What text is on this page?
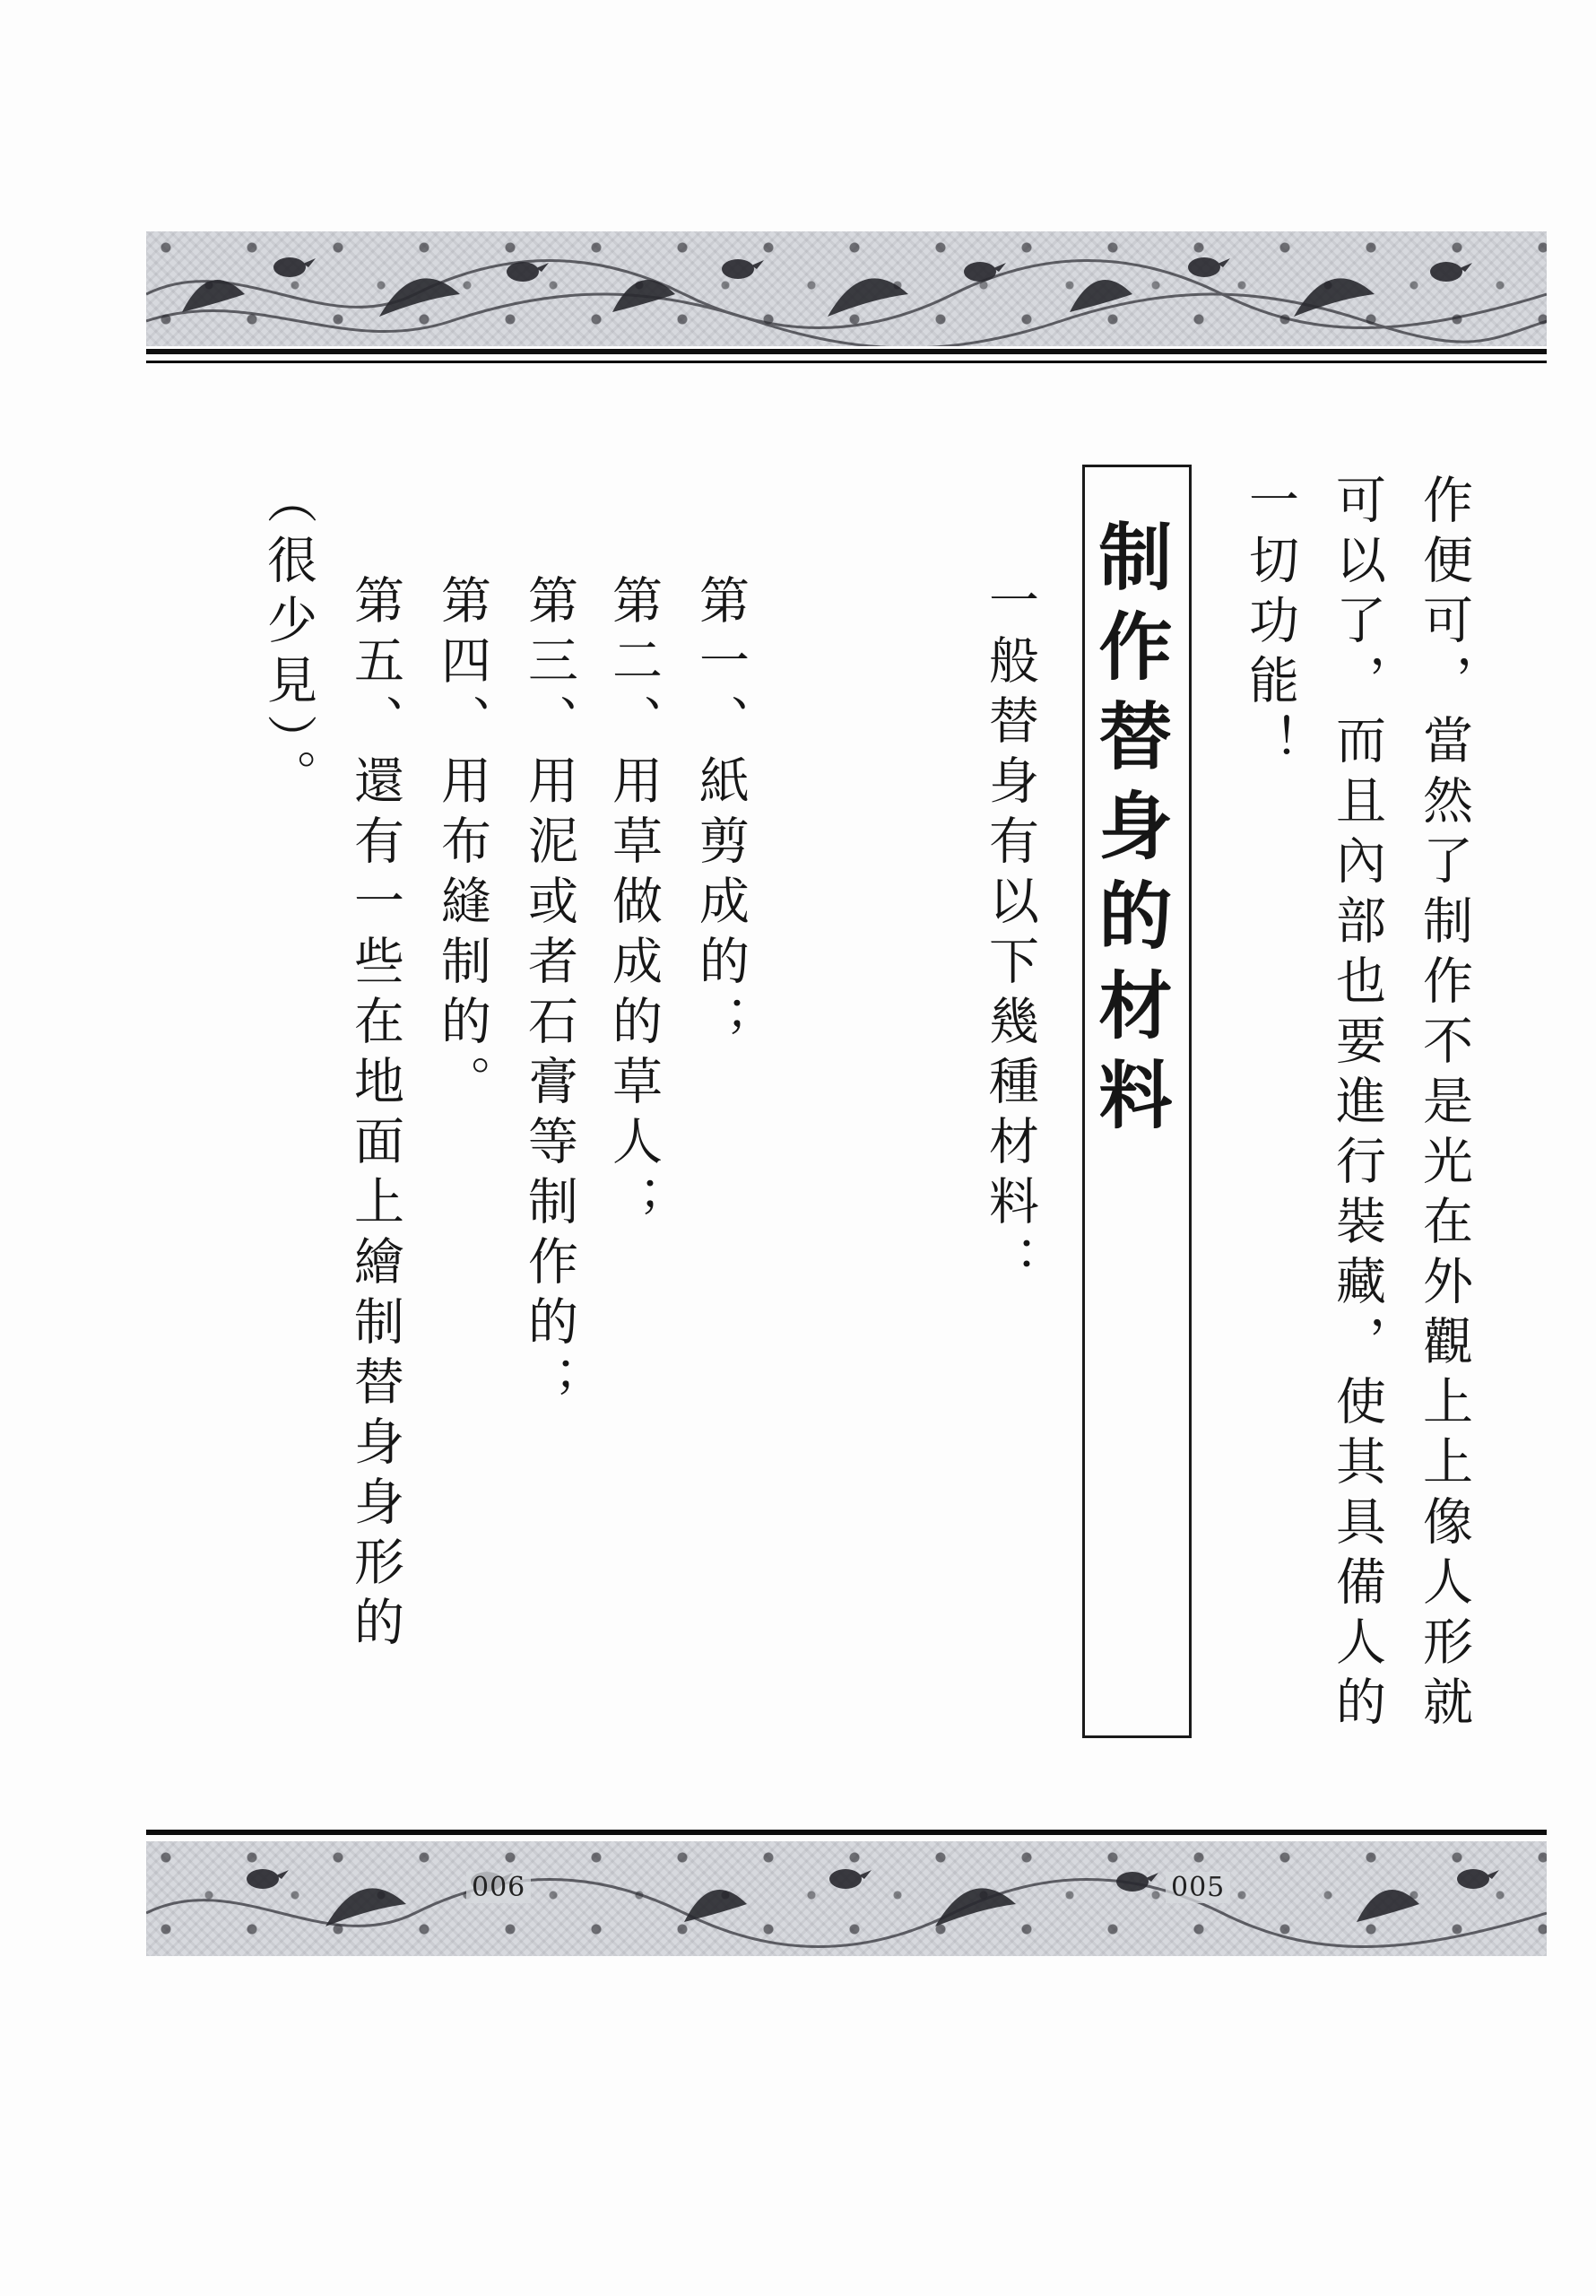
作便可，當然了制作不是光在外觀上上像人形就
可以了，而且內部也要進行裝藏，使其具備人的
一切功能！
制作替身的材料
一般替身有以下幾種材料：
第一、紙剪成的；
第二、用草做成的草人；
第三、用泥或者石膏等制作的；
第四、用布縫制的。
第五、還有一些在地面上繪制替身身形的
（很少見）。
006	005
